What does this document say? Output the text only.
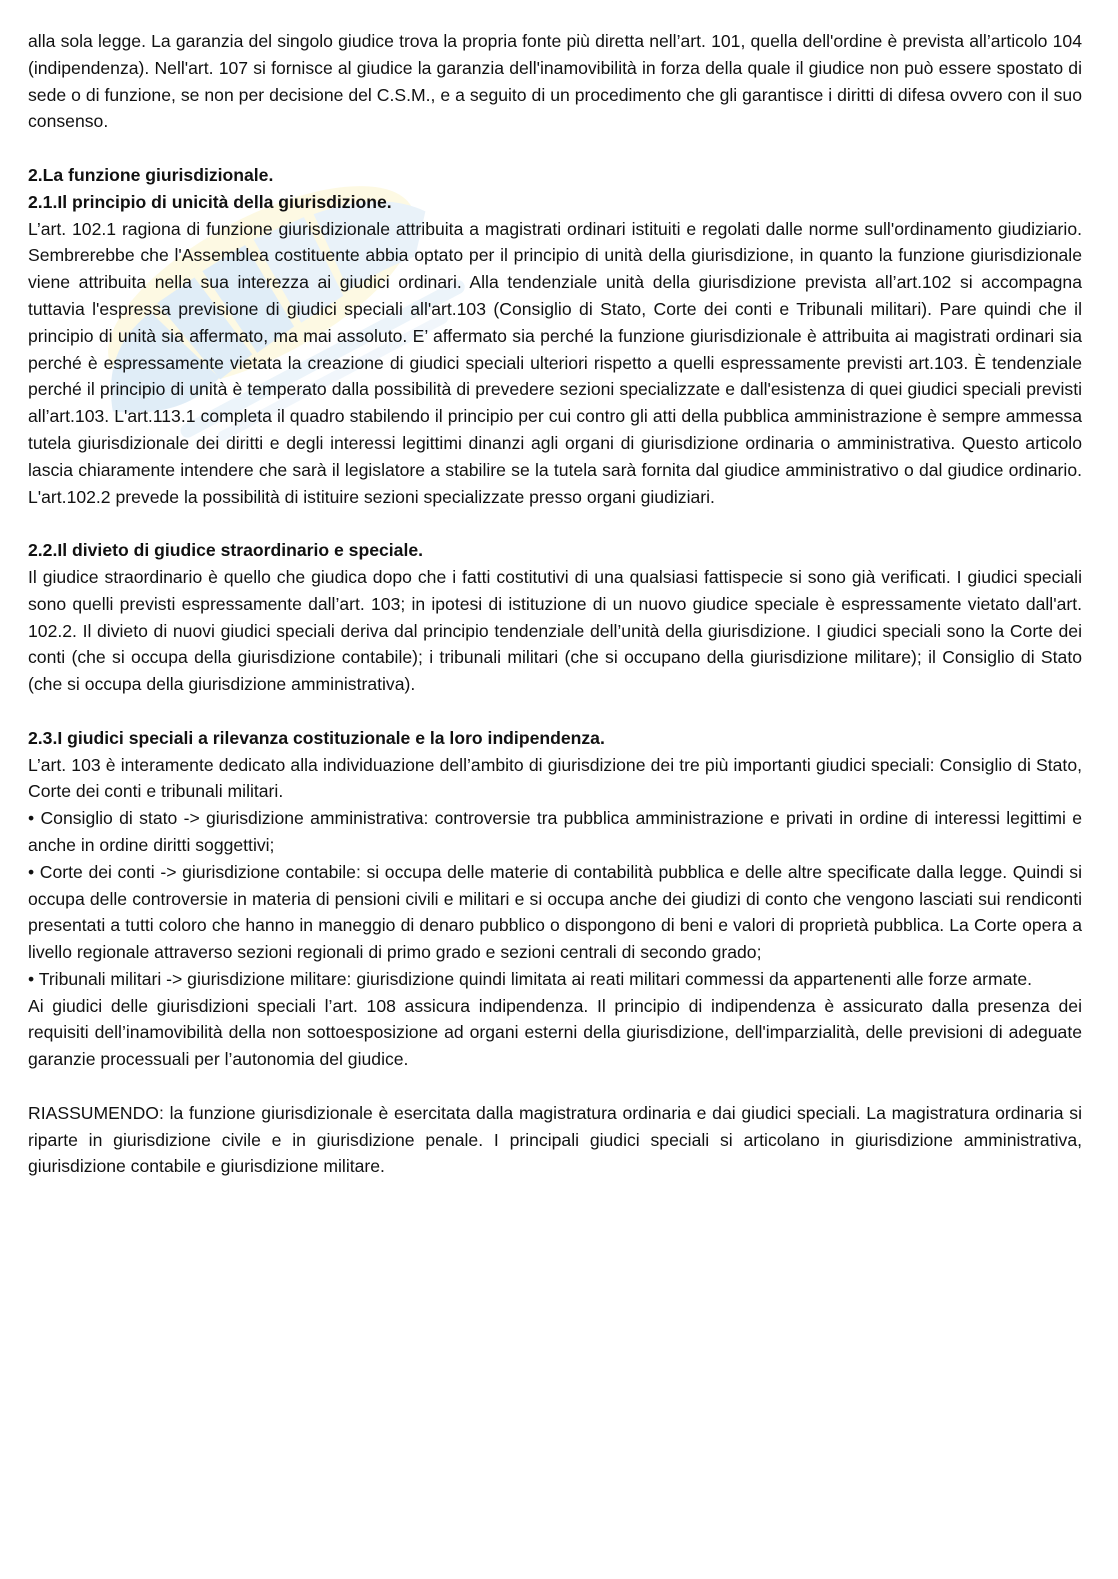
alla sola legge. La garanzia del singolo giudice trova la propria fonte più diretta nell’art. 101, quella dell'ordine è prevista all’articolo 104 (indipendenza). Nell'art. 107 si fornisce al giudice la garanzia dell'inamovibilità in forza della quale il giudice non può essere spostato di sede o di funzione, se non per decisione del C.S.M., e a seguito di un procedimento che gli garantisce i diritti di difesa ovvero con il suo consenso.

2.La funzione giurisdizionale.

2.1.Il principio di unicità della giurisdizione.

L’art. 102.1 ragiona di funzione giurisdizionale attribuita a magistrati ordinari istituiti e regolati dalle norme sull'ordinamento giudiziario. Sembrerebbe che l'Assemblea costituente abbia optato per il principio di unità della giurisdizione, in quanto la funzione giurisdizionale viene attribuita nella sua interezza ai giudici ordinari. Alla tendenziale unità della giurisdizione prevista all’art.102 si accompagna tuttavia l'espressa previsione di giudici speciali all'art.103 (Consiglio di Stato, Corte dei conti e Tribunali militari). Pare quindi che il principio di unità sia affermato, ma mai assoluto. E’ affermato sia perché la funzione giurisdizionale è attribuita ai magistrati ordinari sia perché è espressamente vietata la creazione di giudici speciali ulteriori rispetto a quelli espressamente previsti art.103. È tendenziale perché il principio di unità è temperato dalla possibilità di prevedere sezioni specializzate e dall'esistenza di quei giudici speciali previsti all’art.103. L'art.113.1 completa il quadro stabilendo il principio per cui contro gli atti della pubblica amministrazione è sempre ammessa tutela giurisdizionale dei diritti e degli interessi legittimi dinanzi agli organi di giurisdizione ordinaria o amministrativa. Questo articolo lascia chiaramente intendere che sarà il legislatore a stabilire se la tutela sarà fornita dal giudice amministrativo o dal giudice ordinario. L'art.102.2 prevede la possibilità di istituire sezioni specializzate presso organi giudiziari.

2.2.Il divieto di giudice straordinario e speciale.

Il giudice straordinario è quello che giudica dopo che i fatti costitutivi di una qualsiasi fattispecie si sono già verificati. I giudici speciali sono quelli previsti espressamente dall’art. 103; in ipotesi di istituzione di un nuovo giudice speciale è espressamente vietato dall'art. 102.2. Il divieto di nuovi giudici speciali deriva dal principio tendenziale dell’unità della giurisdizione. I giudici speciali sono la Corte dei conti (che si occupa della giurisdizione contabile); i tribunali militari (che si occupano della giurisdizione militare); il Consiglio di Stato (che si occupa della giurisdizione amministrativa).

2.3.I giudici speciali a rilevanza costituzionale e la loro indipendenza.

L’art. 103 è interamente dedicato alla individuazione dell’ambito di giurisdizione dei tre più importanti giudici speciali: Consiglio di Stato, Corte dei conti e tribunali militari.

• Consiglio di stato -> giurisdizione amministrativa: controversie tra pubblica amministrazione e privati in ordine di interessi legittimi e anche in ordine diritti soggettivi;

• Corte dei conti -> giurisdizione contabile: si occupa delle materie di contabilità pubblica e delle altre specificate dalla legge. Quindi si occupa delle controversie in materia di pensioni civili e militari e si occupa anche dei giudizi di conto che vengono lasciati sui rendiconti presentati a tutti coloro che hanno in maneggio di denaro pubblico o dispongono di beni e valori di proprietà pubblica. La Corte opera a livello regionale attraverso sezioni regionali di primo grado e sezioni centrali di secondo grado;

• Tribunali militari -> giurisdizione militare: giurisdizione quindi limitata ai reati militari commessi da appartenenti alle forze armate.

Ai giudici delle giurisdizioni speciali l’art. 108 assicura indipendenza. Il principio di indipendenza è assicurato dalla presenza dei requisiti dell’inamovibilità della non sottoesposizione ad organi esterni della giurisdizione, dell'imparzialità, delle previsioni di adeguate garanzie processuali per l’autonomia del giudice.

RIASSUMENDO: la funzione giurisdizionale è esercitata dalla magistratura ordinaria e dai giudici speciali. La magistratura ordinaria si riparte in giurisdizione civile e in giurisdizione penale. I principali giudici speciali si articolano in giurisdizione amministrativa, giurisdizione contabile e giurisdizione militare.
